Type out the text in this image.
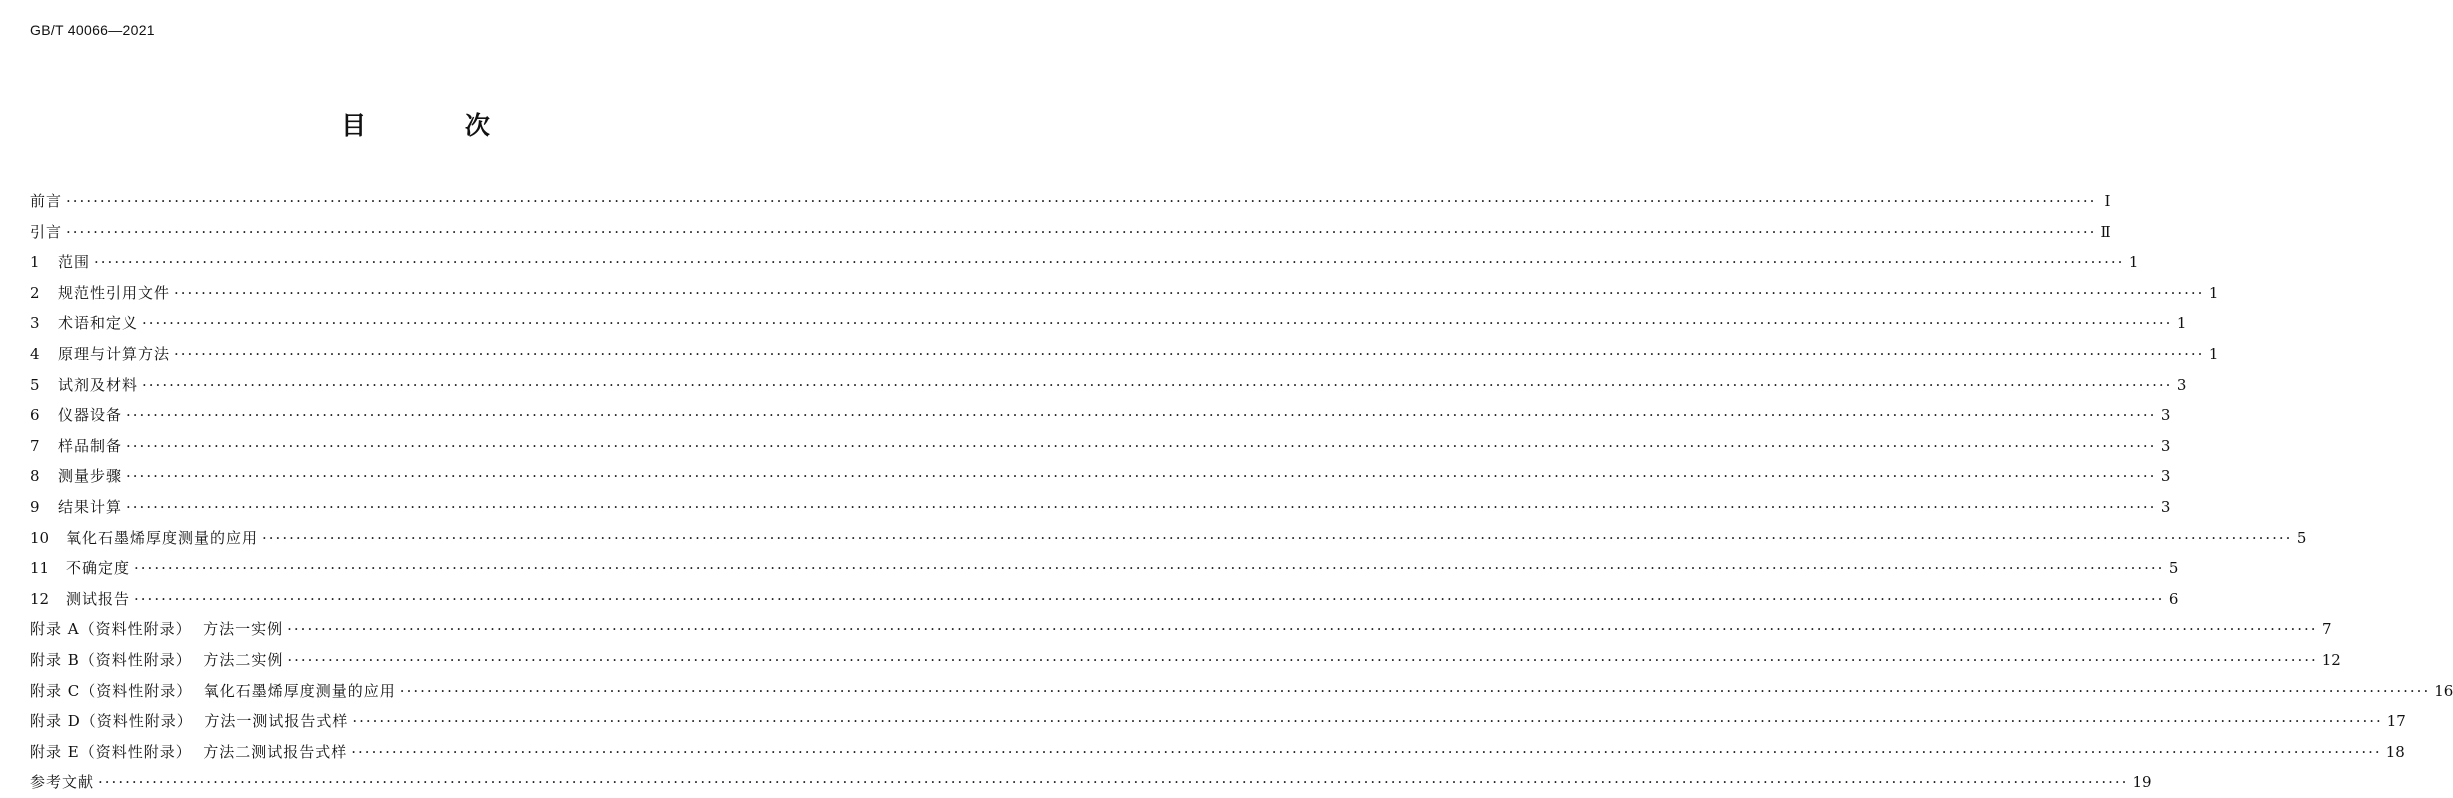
GB/T 40066—2021
目 次
前言 ············································································································································································································································································································ Ⅰ
引言 ············································································································································································································································································································ Ⅱ
1	范围 ············································································································································································································································································································ 1
2	规范性引用文件 ············································································································································································································································································································ 1
3	术语和定义 ············································································································································································································································································································ 1
4	原理与计算方法 ············································································································································································································································································································ 1
5	试剂及材料 ············································································································································································································································································································ 3
6	仪器设备 ············································································································································································································································································································ 3
7	样品制备 ············································································································································································································································································································ 3
8	测量步骤 ············································································································································································································································································································ 3
9	结果计算 ············································································································································································································································································································ 3
10	氧化石墨烯厚度测量的应用 ············································································································································································································································································································ 5
11	不确定度 ············································································································································································································································································································ 5
12	测试报告 ············································································································································································································································································································ 6
附录 A（资料性附录）  方法一实例 ············································································································································································································································································································ 7
附录 B（资料性附录）  方法二实例 ············································································································································································································································································································ 12
附录 C（资料性附录）  氧化石墨烯厚度测量的应用 ············································································································································································································································································································ 16
附录 D（资料性附录）  方法一测试报告式样 ············································································································································································································································································································ 17
附录 E（资料性附录）  方法二测试报告式样 ············································································································································································································································································································ 18
参考文献 ············································································································································································································································································································ 19
